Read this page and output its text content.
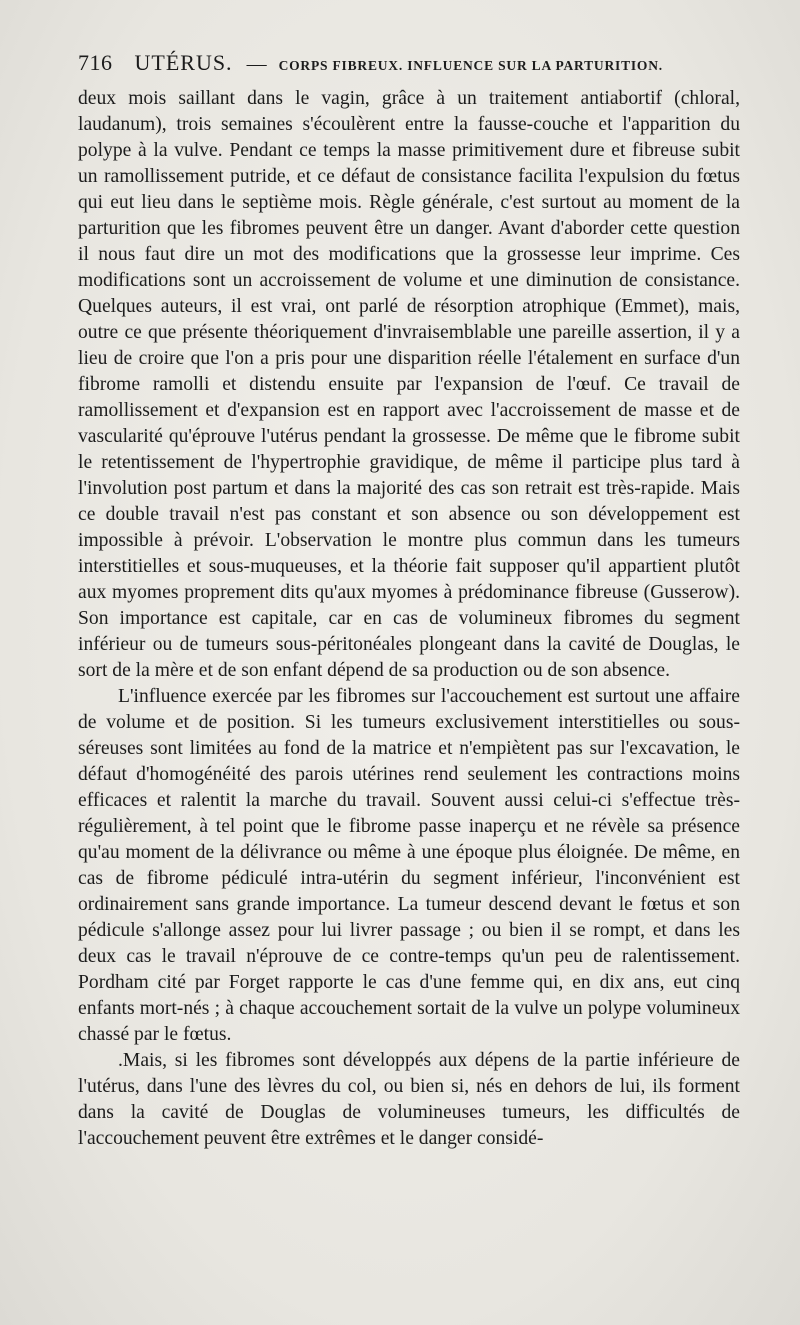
716 UTÉRUS. — CORPS FIBREUX. INFLUENCE SUR LA PARTURITION.

deux mois saillant dans le vagin, grâce à un traitement antiabortif (chloral, laudanum), trois semaines s'écoulèrent entre la fausse-couche et l'apparition du polype à la vulve. Pendant ce temps la masse primitivement dure et fibreuse subit un ramollissement putride, et ce défaut de consistance facilita l'expulsion du fœtus qui eut lieu dans le septième mois. Règle générale, c'est surtout au moment de la parturition que les fibromes peuvent être un danger. Avant d'aborder cette question il nous faut dire un mot des modifications que la grossesse leur imprime. Ces modifications sont un accroissement de volume et une diminution de consistance. Quelques auteurs, il est vrai, ont parlé de résorption atrophique (Emmet), mais, outre ce que présente théoriquement d'invraisemblable une pareille assertion, il y a lieu de croire que l'on a pris pour une disparition réelle l'étalement en surface d'un fibrome ramolli et distendu ensuite par l'expansion de l'œuf. Ce travail de ramollissement et d'expansion est en rapport avec l'accroissement de masse et de vascularité qu'éprouve l'utérus pendant la grossesse. De même que le fibrome subit le retentissement de l'hypertrophie gravidique, de même il participe plus tard à l'involution post partum et dans la majorité des cas son retrait est très-rapide. Mais ce double travail n'est pas constant et son absence ou son développement est impossible à prévoir. L'observation le montre plus commun dans les tumeurs interstitielles et sous-muqueuses, et la théorie fait supposer qu'il appartient plutôt aux myomes proprement dits qu'aux myomes à prédominance fibreuse (Gusserow). Son importance est capitale, car en cas de volumineux fibromes du segment inférieur ou de tumeurs sous-péritonéales plongeant dans la cavité de Douglas, le sort de la mère et de son enfant dépend de sa production ou de son absence.

L'influence exercée par les fibromes sur l'accouchement est surtout une affaire de volume et de position. Si les tumeurs exclusivement interstitielles ou sous-séreuses sont limitées au fond de la matrice et n'empiètent pas sur l'excavation, le défaut d'homogénéité des parois utérines rend seulement les contractions moins efficaces et ralentit la marche du travail. Souvent aussi celui-ci s'effectue très-régulièrement, à tel point que le fibrome passe inaperçu et ne révèle sa présence qu'au moment de la délivrance ou même à une époque plus éloignée. De même, en cas de fibrome pédiculé intra-utérin du segment inférieur, l'inconvénient est ordinairement sans grande importance. La tumeur descend devant le fœtus et son pédicule s'allonge assez pour lui livrer passage ; ou bien il se rompt, et dans les deux cas le travail n'éprouve de ce contre-temps qu'un peu de ralentissement. Pordham cité par Forget rapporte le cas d'une femme qui, en dix ans, eut cinq enfants mort-nés ; à chaque accouchement sortait de la vulve un polype volumineux chassé par le fœtus.

.Mais, si les fibromes sont développés aux dépens de la partie inférieure de l'utérus, dans l'une des lèvres du col, ou bien si, nés en dehors de lui, ils forment dans la cavité de Douglas de volumineuses tumeurs, les difficultés de l'accouchement peuvent être extrêmes et le danger considé-
